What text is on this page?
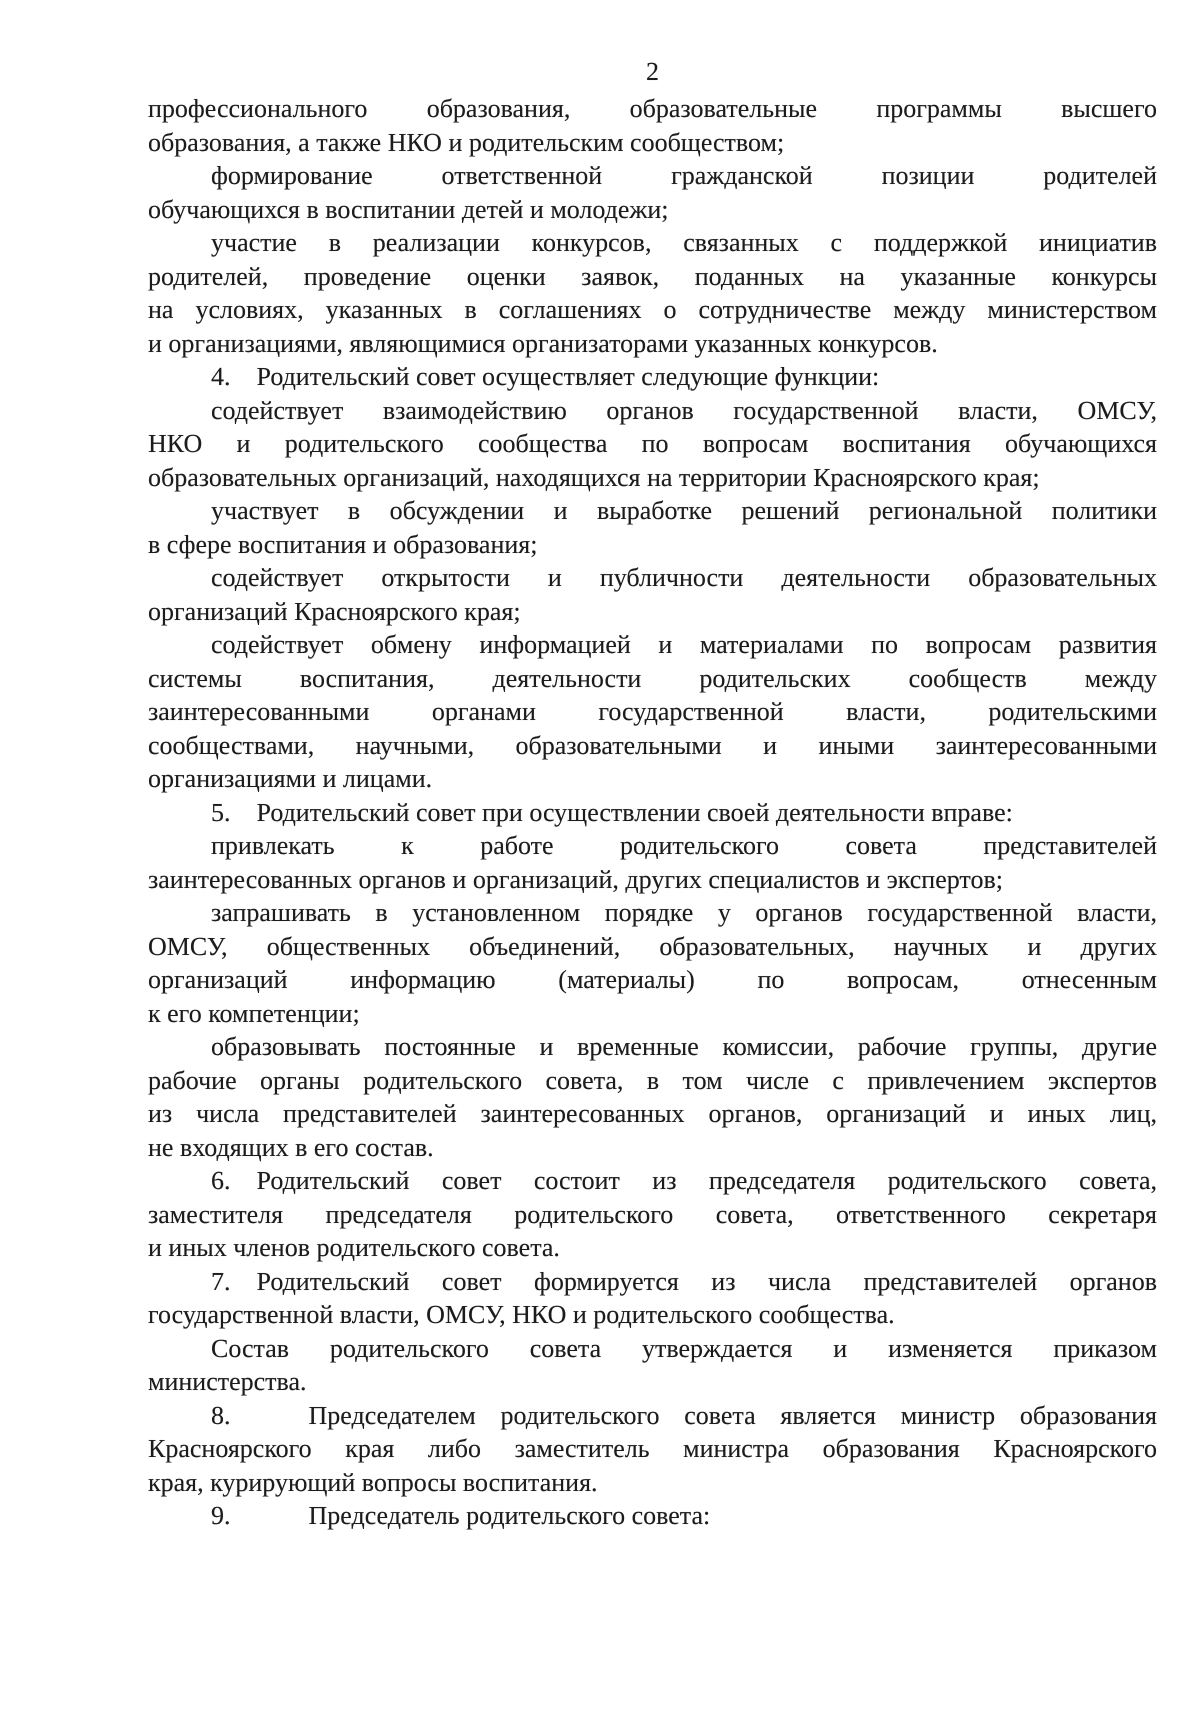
2
профессионального образования, образовательные программы высшего
образования, а также НКО и родительским сообществом;
формирование ответственной гражданской позиции родителей
обучающихся в воспитании детей и молодежи;
участие в реализации конкурсов, связанных с поддержкой инициатив
родителей, проведение оценки заявок, поданных на указанные конкурсы
на условиях, указанных в соглашениях о сотрудничестве между министерством
и организациями, являющимися организаторами указанных конкурсов.
4. Родительский совет осуществляет следующие функции:
содействует взаимодействию органов государственной власти, ОМСУ,
НКО и родительского сообщества по вопросам воспитания обучающихся
образовательных организаций, находящихся на территории Красноярского края;
участвует в обсуждении и выработке решений региональной политики
в сфере воспитания и образования;
содействует открытости и публичности деятельности образовательных
организаций Красноярского края;
содействует обмену информацией и материалами по вопросам развития
системы воспитания, деятельности родительских сообществ между
заинтересованными органами государственной власти, родительскими
сообществами, научными, образовательными и иными заинтересованными
организациями и лицами.
5. Родительский совет при осуществлении своей деятельности вправе:
привлекать к работе родительского совета представителей
заинтересованных органов и организаций, других специалистов и экспертов;
запрашивать в установленном порядке у органов государственной власти,
ОМСУ, общественных объединений, образовательных, научных и других
организаций информацию (материалы) по вопросам, отнесенным
к его компетенции;
образовывать постоянные и временные комиссии, рабочие группы, другие
рабочие органы родительского совета, в том числе с привлечением экспертов
из числа представителей заинтересованных органов, организаций и иных лиц,
не входящих в его состав.
6. Родительский совет состоит из председателя родительского совета,
заместителя председателя родительского совета, ответственного секретаря
и иных членов родительского совета.
7. Родительский совет формируется из числа представителей органов
государственной власти, ОМСУ, НКО и родительского сообщества.
Состав родительского совета утверждается и изменяется приказом
министерства.
8.   Председателем родительского совета является министр образования
Красноярского края либо заместитель министра образования Красноярского
края, курирующий вопросы воспитания.
9.   Председатель родительского совета:
